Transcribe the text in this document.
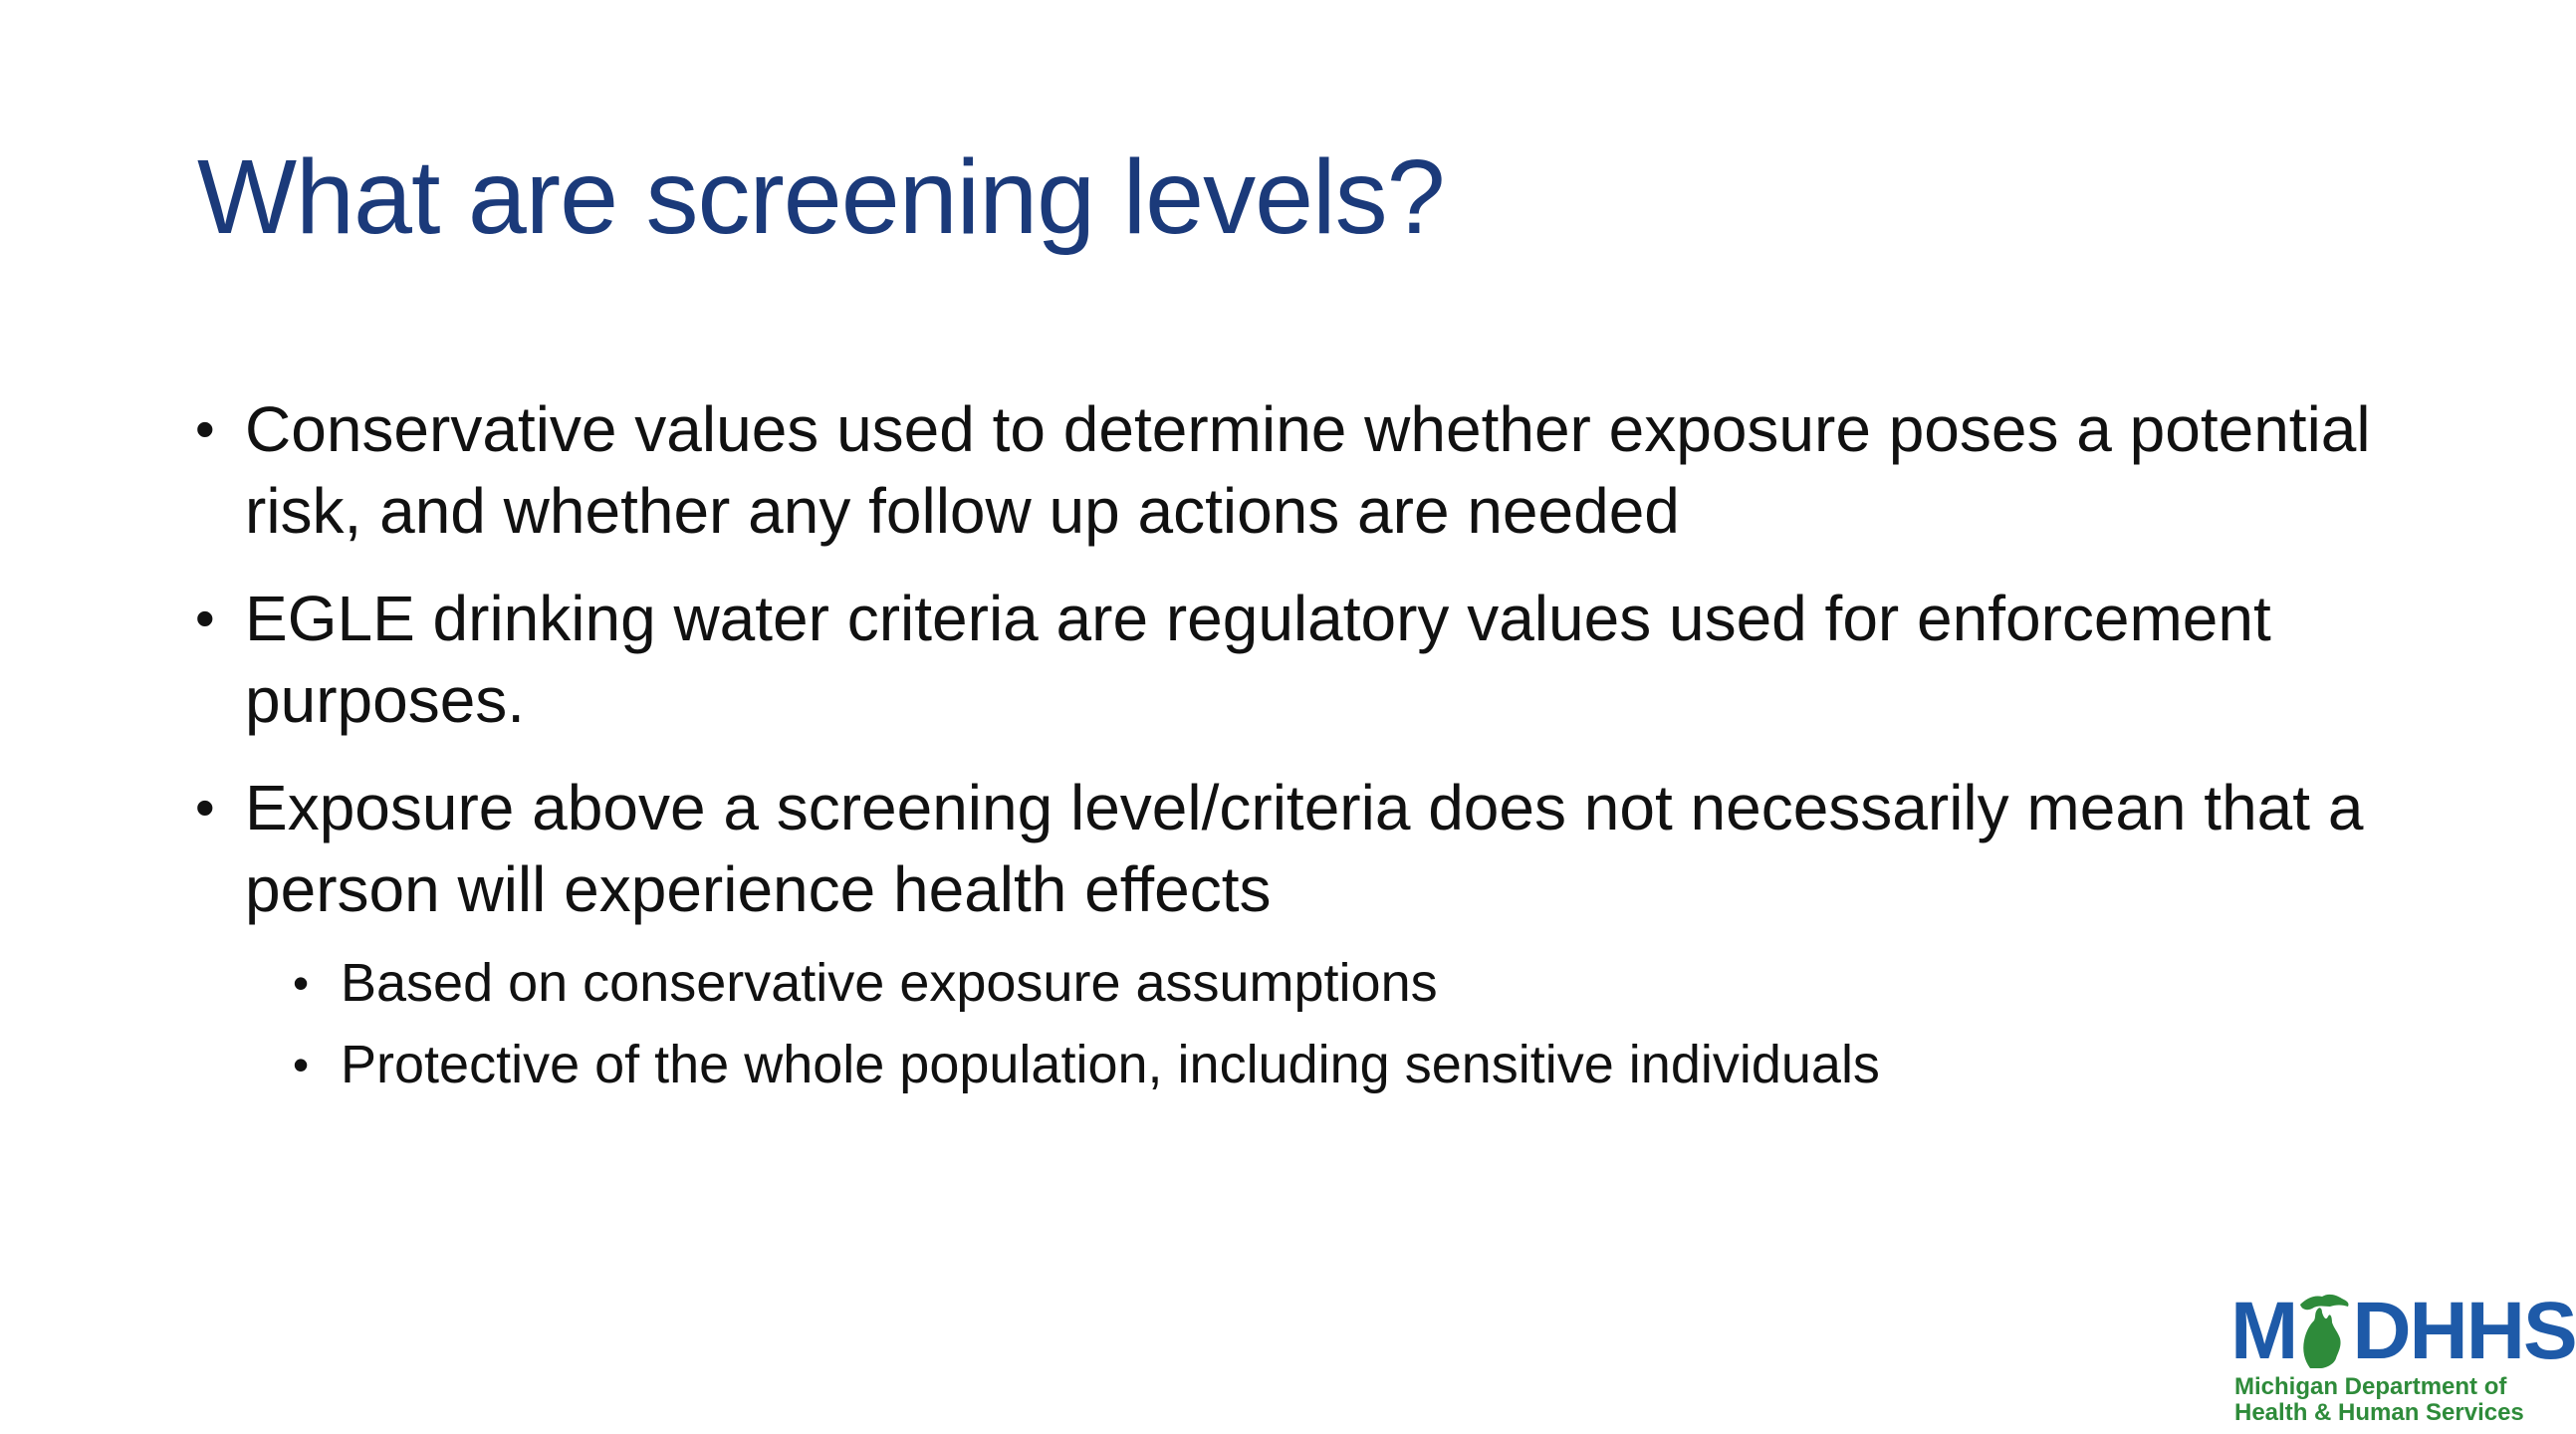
What are screening levels?
• Conservative values used to determine whether exposure poses a potential risk, and whether any follow up actions are needed
• EGLE drinking water criteria are regulatory values used for enforcement purposes.
• Exposure above a screening level/criteria does not necessarily mean that a person will experience health effects
• Based on conservative exposure assumptions
• Protective of the whole population, including sensitive individuals
M DHHS
Michigan Department of
Health & Human Services
